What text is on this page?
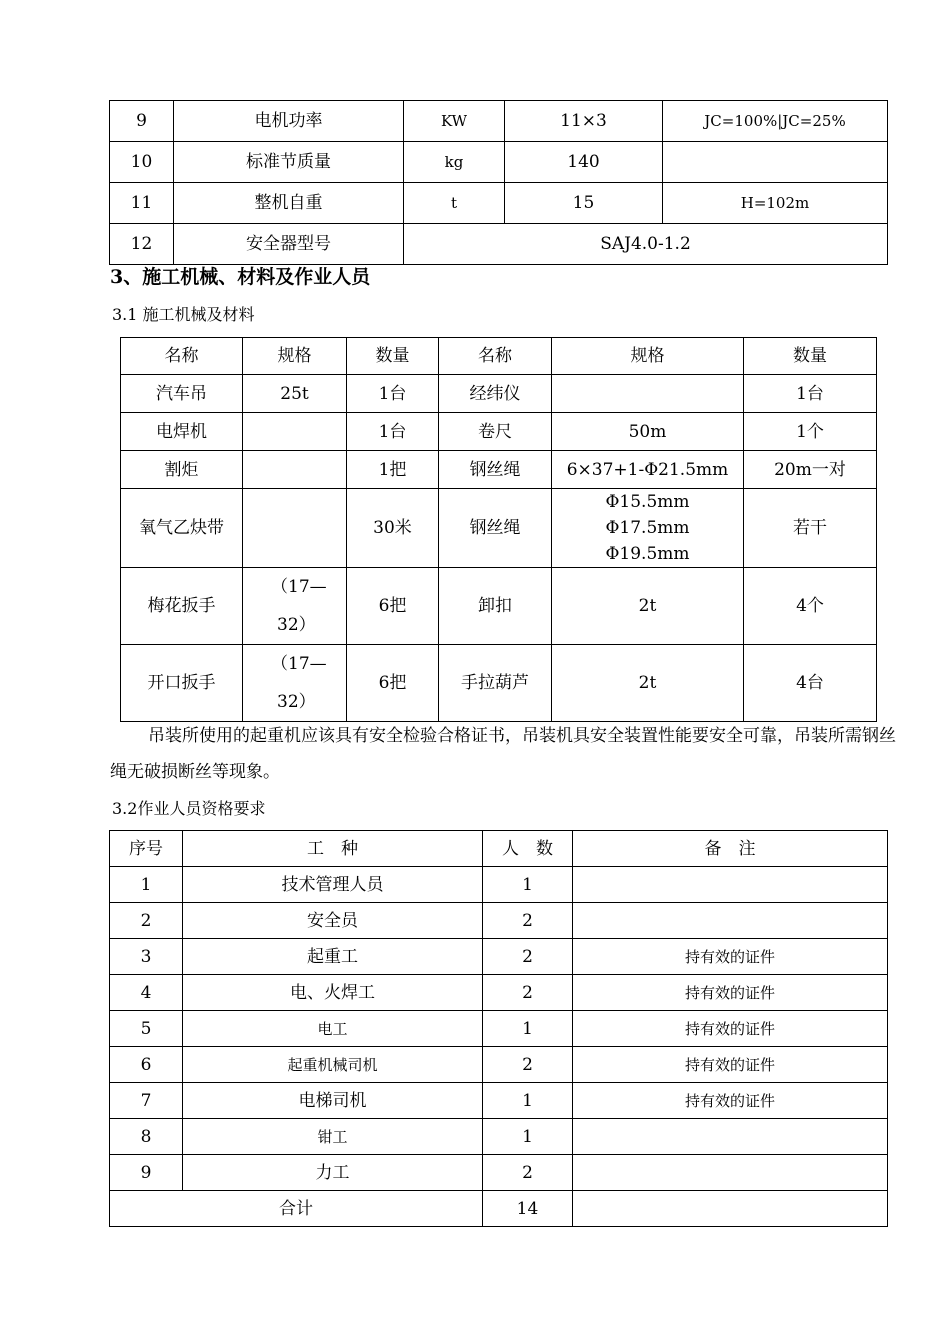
9	电机功率	KW	11×3	JC=100%|JC=25%
10	标准节质量	kg	140	
11	整机自重	t	15	H=102m
12	安全器型号	SAJ4.0-1.2		
3、施工机械、材料及作业人员
3.1 施工机械及材料
名称	规格	数量	名称	规格	数量
汽车吊	25t	1台	经纬仪		1台
电焊机		1台	卷尺	50m	1个
割炬		1把	钢丝绳	6×37+1-Φ21.5mm	20m一对
氧气乙炔带		30米	钢丝绳	Φ15.5mm
Φ17.5mm
Φ19.5mm	若干
梅花扳手	（17—
32）	6把	卸扣	2t	4个
开口扳手	（17—
32）	6把	手拉葫芦	2t	4台
吊装所使用的起重机应该具有安全检验合格证书，吊装机具安全装置性能要安全可靠，吊装所需钢丝绳无破损断丝等现象。
3.2作业人员资格要求
序号	工　种	人　数	备　注
1	技术管理人员	1	
2	安全员	2	
3	起重工	2	持有效的证件
4	电、火焊工	2	持有效的证件
5	电工	1	持有效的证件
6	起重机械司机	2	持有效的证件
7	电梯司机	1	持有效的证件
8	钳工	1	
9	力工	2	
合计		14	
